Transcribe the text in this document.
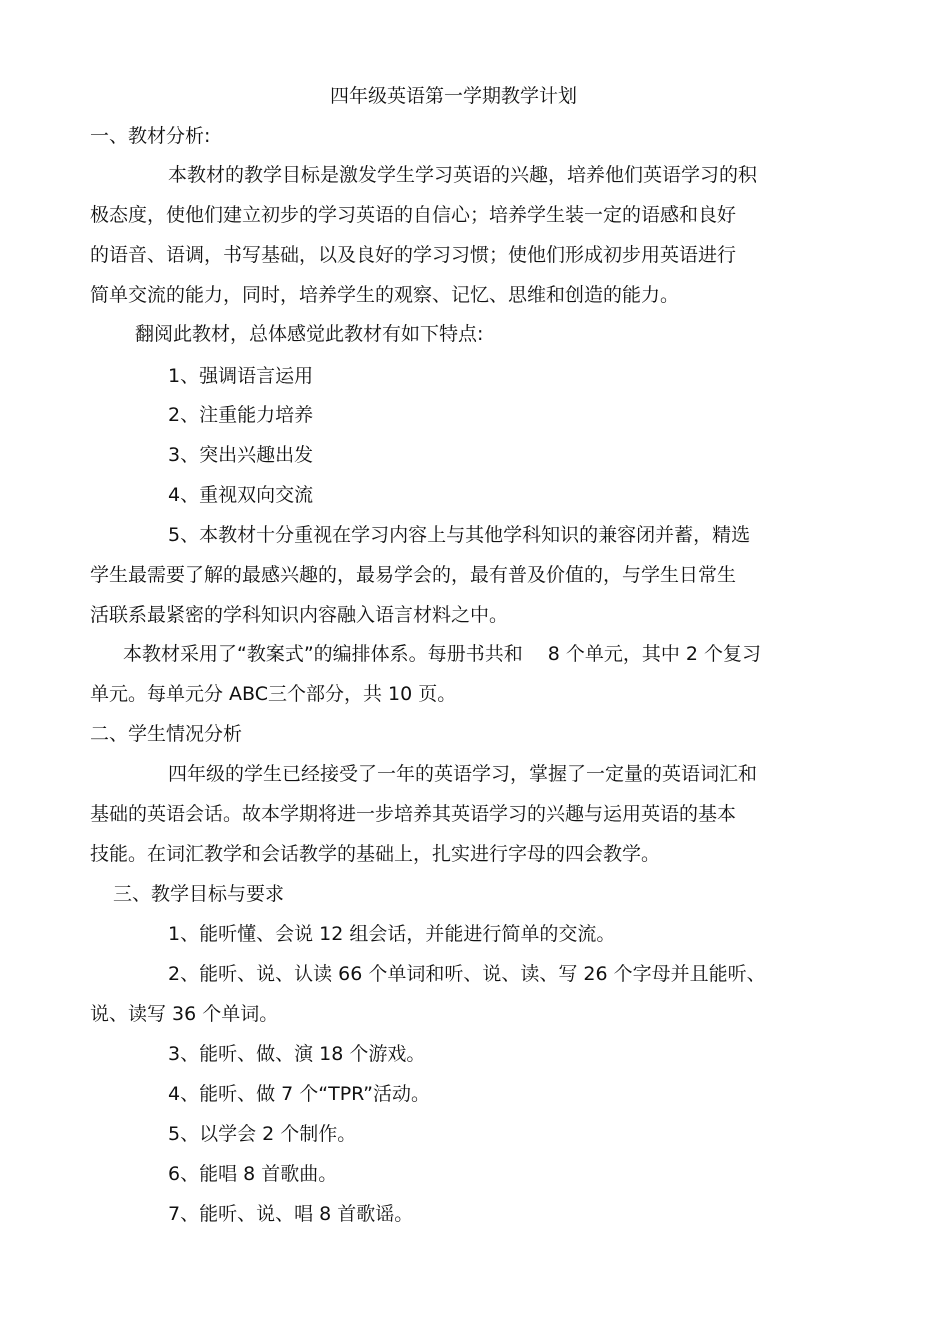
四年级英语第一学期教学计划
一、教材分析:
本教材的教学目标是激发学生学习英语的兴趣，培养他们英语学习的积
极态度，使他们建立初步的学习英语的自信心；培养学生装一定的语感和良好
的语音、语调，书写基础，以及良好的学习习惯；使他们形成初步用英语进行
简单交流的能力，同时，培养学生的观察、记忆、思维和创造的能力。
翻阅此教材，总体感觉此教材有如下特点:
1、强调语言运用
2、注重能力培养
3、突出兴趣出发
4、重视双向交流
5、本教材十分重视在学习内容上与其他学科知识的兼容闭并蓄，精选
学生最需要了解的最感兴趣的，最易学会的，最有普及价值的，与学生日常生
活联系最紧密的学科知识内容融入语言材料之中。
本教材采用了“教案式”的编排体系。每册书共和　 8 个单元，其中 2 个复习
单元。每单元分 ABC三个部分，共 10 页。
二、学生情况分析
四年级的学生已经接受了一年的英语学习，掌握了一定量的英语词汇和
基础的英语会话。故本学期将进一步培养其英语学习的兴趣与运用英语的基本
技能。在词汇教学和会话教学的基础上，扎实进行字母的四会教学。
三、教学目标与要求
1、能听懂、会说 12 组会话，并能进行简单的交流。
2、能听、说、认读 66 个单词和听、说、读、写 26 个字母并且能听、
说、读写 36 个单词。
3、能听、做、演 18 个游戏。
4、能听、做 7 个“TPR”活动。
5、以学会 2 个制作。
6、能唱 8 首歌曲。
7、能听、说、唱 8 首歌谣。
